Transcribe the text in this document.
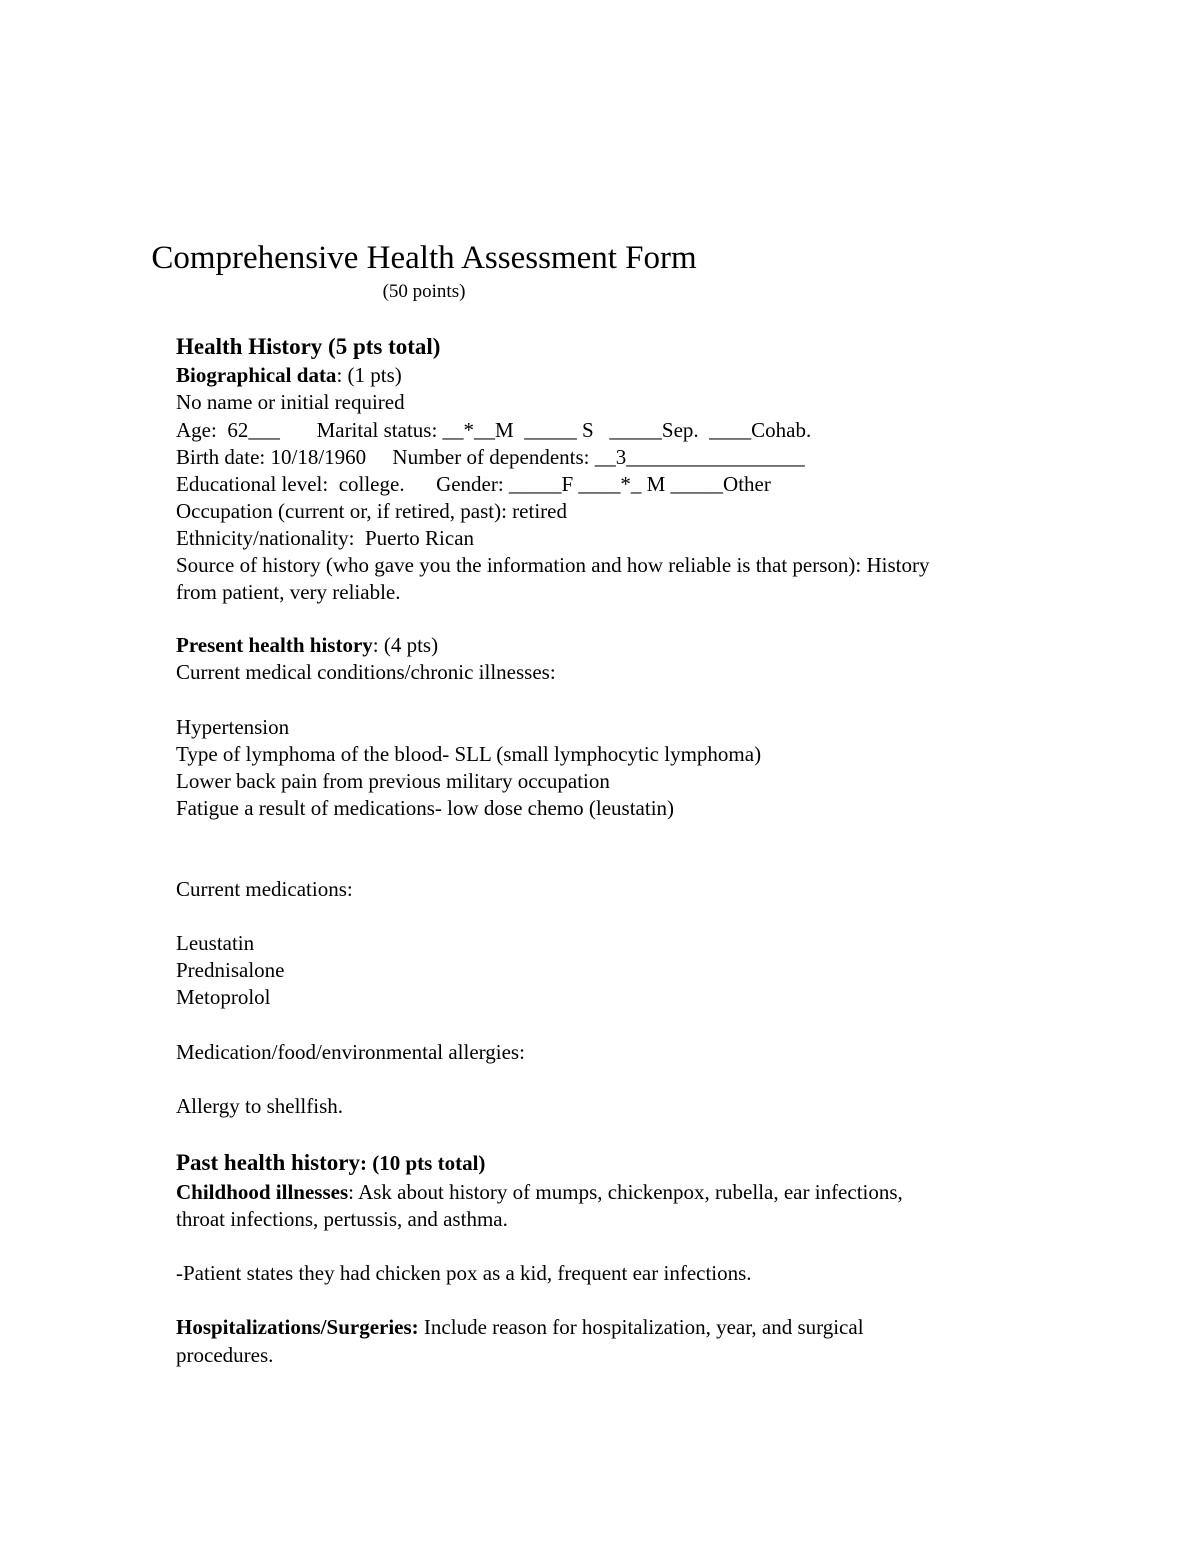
Comprehensive Health Assessment Form
(50 points)
Health History (5 pts total)
Biographical data: (1 pts)
No name or initial required
Age:  62___       Marital status: __*__M  _____ S   _____Sep.  ____Cohab.
Birth date: 10/18/1960     Number of dependents: __3_________________
Educational level:  college.      Gender: _____F ____*_ M _____Other
Occupation (current or, if retired, past): retired
Ethnicity/nationality:  Puerto Rican
Source of history (who gave you the information and how reliable is that person): History
from patient, very reliable.
Present health history: (4 pts)
Current medical conditions/chronic illnesses:
Hypertension
Type of lymphoma of the blood- SLL (small lymphocytic lymphoma)
Lower back pain from previous military occupation
Fatigue a result of medications- low dose chemo (leustatin)
Current medications:
Leustatin
Prednisalone
Metoprolol
Medication/food/environmental allergies:
Allergy to shellfish.
Past health history: (10 pts total)
Childhood illnesses: Ask about history of mumps, chickenpox, rubella, ear infections,
throat infections, pertussis, and asthma.
-Patient states they had chicken pox as a kid, frequent ear infections.
Hospitalizations/Surgeries: Include reason for hospitalization, year, and surgical
procedures.
